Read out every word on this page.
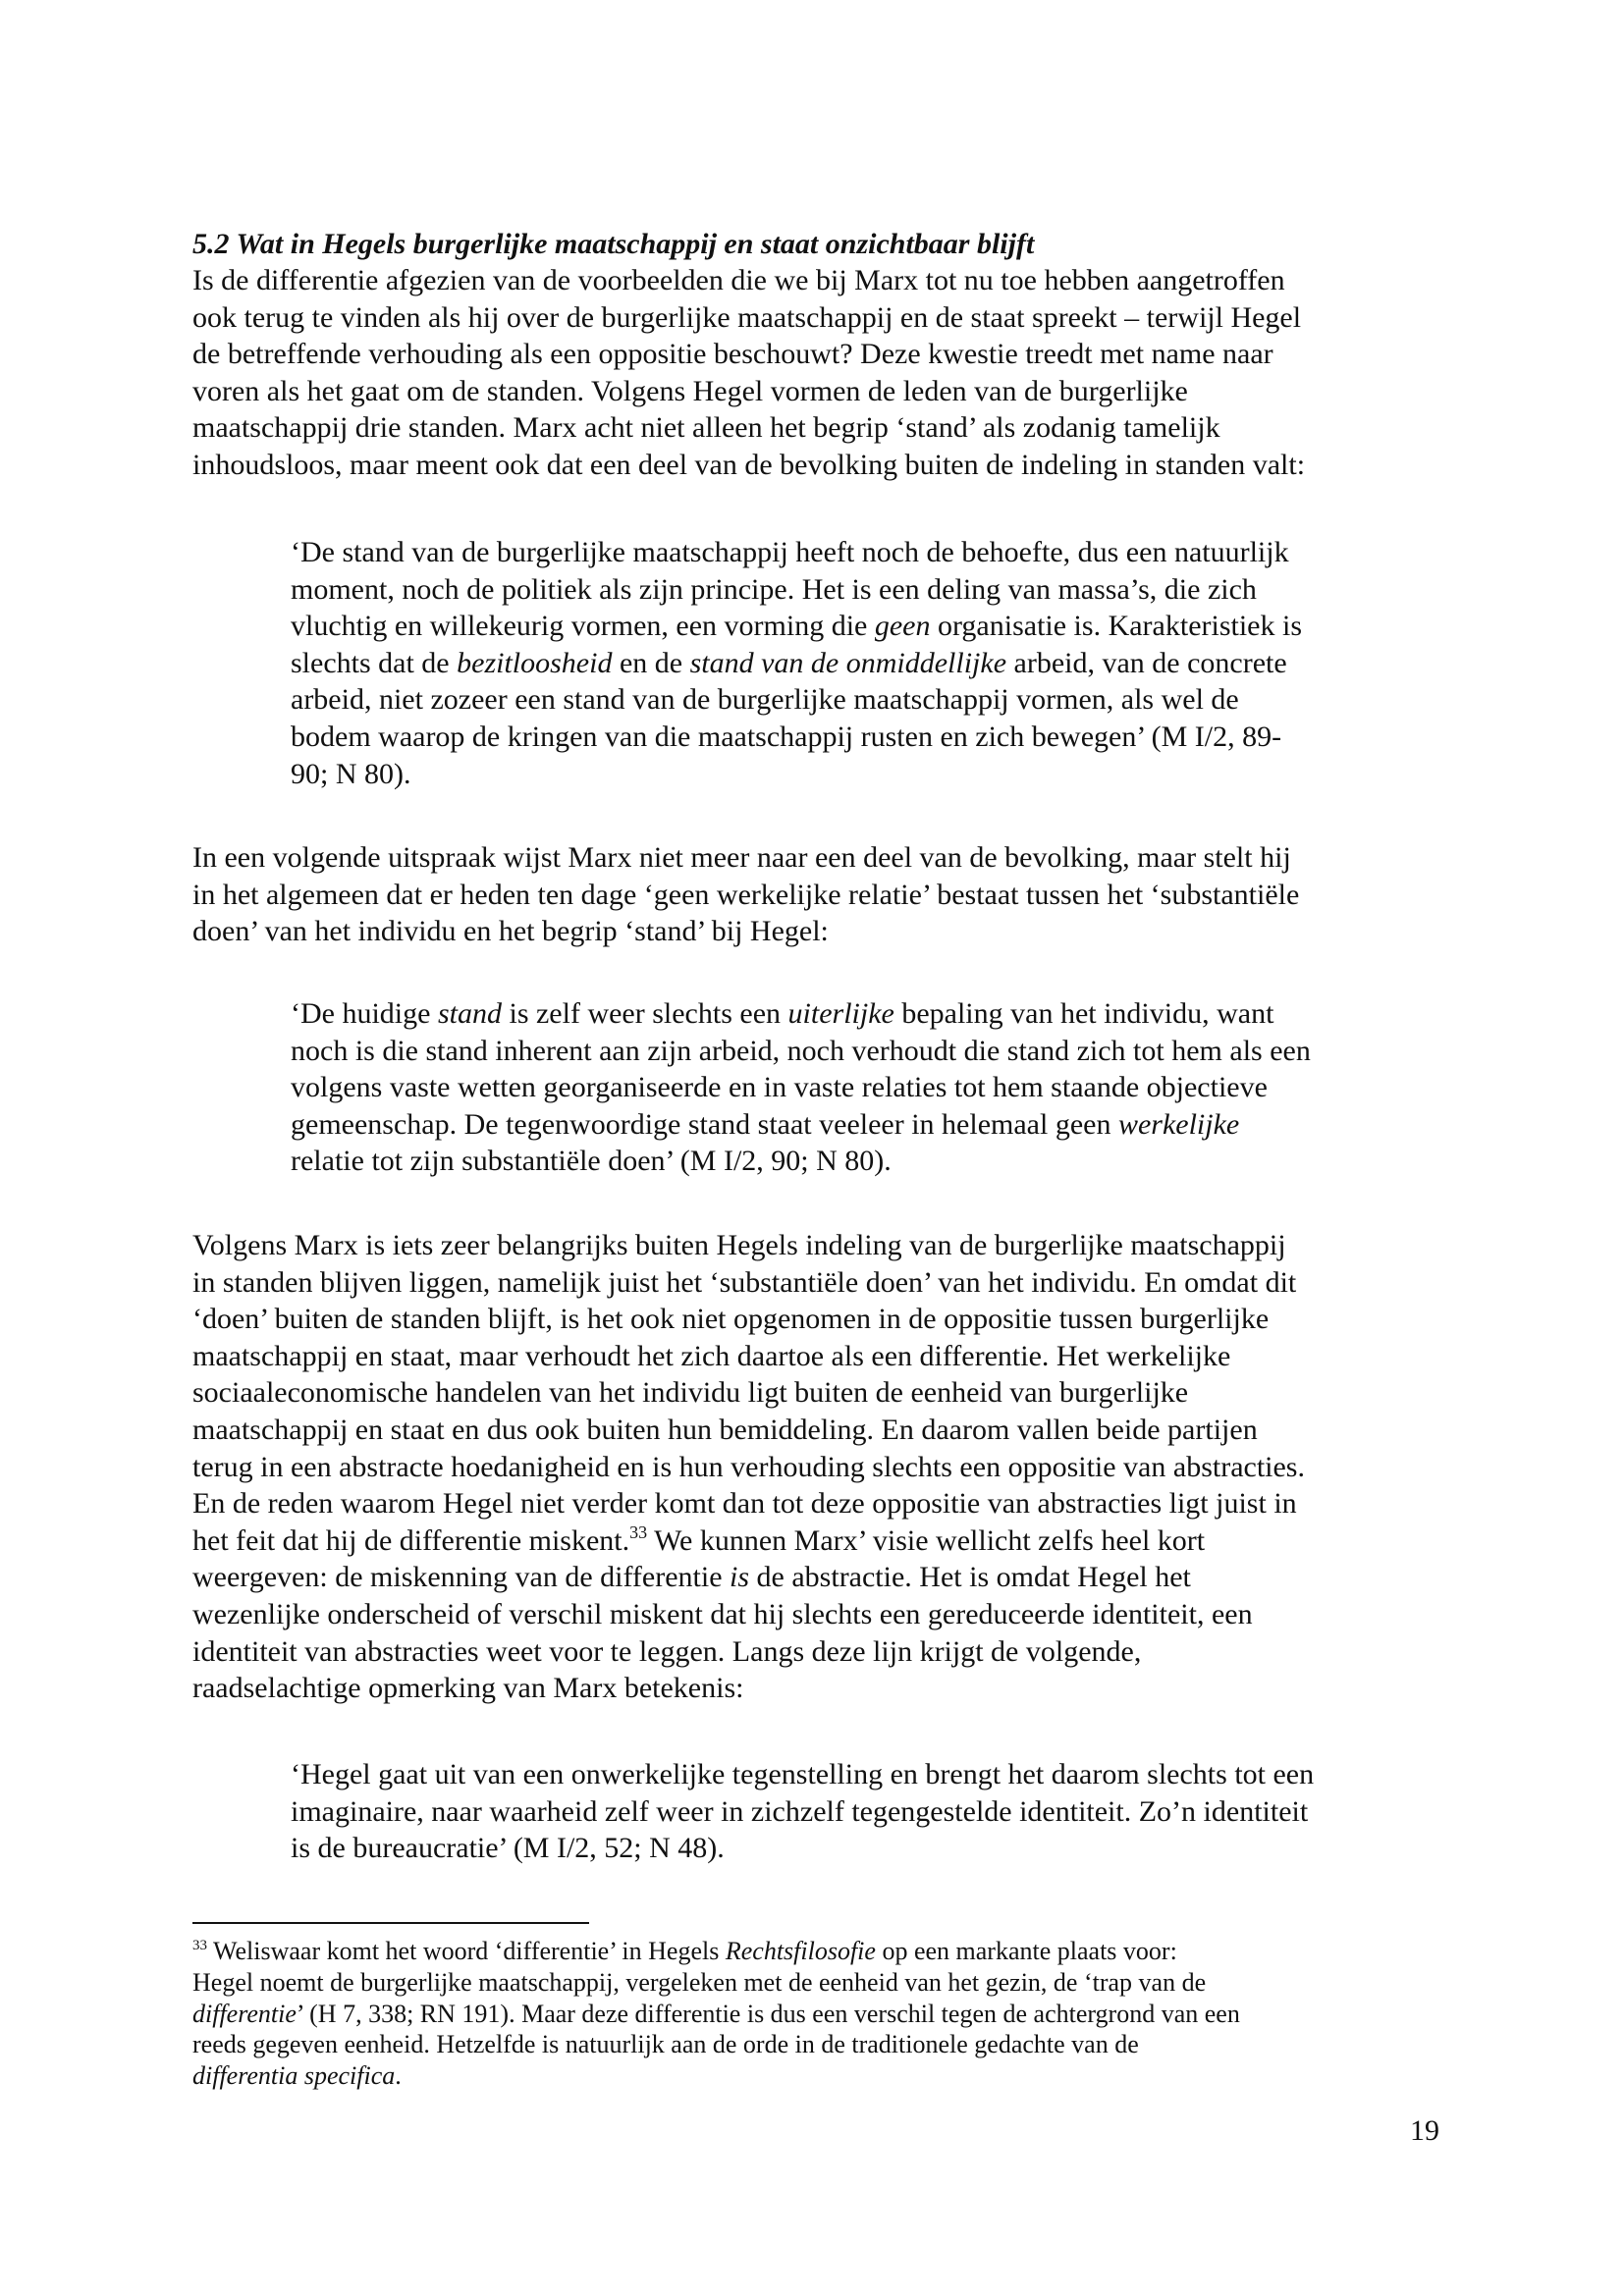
5.2 Wat in Hegels burgerlijke maatschappij en staat onzichtbaar blijft
Is de differentie afgezien van de voorbeelden die we bij Marx tot nu toe hebben aangetroffen
ook terug te vinden als hij over de burgerlijke maatschappij en de staat spreekt – terwijl Hegel
de betreffende verhouding als een oppositie beschouwt? Deze kwestie treedt met name naar
voren als het gaat om de standen. Volgens Hegel vormen de leden van de burgerlijke
maatschappij drie standen. Marx acht niet alleen het begrip ‘stand’ als zodanig tamelijk
inhoudsloos, maar meent ook dat een deel van de bevolking buiten de indeling in standen valt:
‘De stand van de burgerlijke maatschappij heeft noch de behoefte, dus een natuurlijk
moment, noch de politiek als zijn principe. Het is een deling van massa’s, die zich
vluchtig en willekeurig vormen, een vorming die geen organisatie is. Karakteristiek is
slechts dat de bezitloosheid en de stand van de onmiddellijke arbeid, van de concrete
arbeid, niet zozeer een stand van de burgerlijke maatschappij vormen, als wel de
bodem waarop de kringen van die maatschappij rusten en zich bewegen’ (M I/2, 89-
90; N 80).
In een volgende uitspraak wijst Marx niet meer naar een deel van de bevolking, maar stelt hij
in het algemeen dat er heden ten dage ‘geen werkelijke relatie’ bestaat tussen het ‘substantiële
doen’ van het individu en het begrip ‘stand’ bij Hegel:
‘De huidige stand is zelf weer slechts een uiterlijke bepaling van het individu, want
noch is die stand inherent aan zijn arbeid, noch verhoudt die stand zich tot hem als een
volgens vaste wetten georganiseerde en in vaste relaties tot hem staande objectieve
gemeenschap. De tegenwoordige stand staat veeleer in helemaal geen werkelijke
relatie tot zijn substantiële doen’ (M I/2, 90; N 80).
Volgens Marx is iets zeer belangrijks buiten Hegels indeling van de burgerlijke maatschappij
in standen blijven liggen, namelijk juist het ‘substantiële doen’ van het individu. En omdat dit
‘doen’ buiten de standen blijft, is het ook niet opgenomen in de oppositie tussen burgerlijke
maatschappij en staat, maar verhoudt het zich daartoe als een differentie. Het werkelijke
sociaaleconomische handelen van het individu ligt buiten de eenheid van burgerlijke
maatschappij en staat en dus ook buiten hun bemiddeling. En daarom vallen beide partijen
terug in een abstracte hoedanigheid en is hun verhouding slechts een oppositie van abstracties.
En de reden waarom Hegel niet verder komt dan tot deze oppositie van abstracties ligt juist in
het feit dat hij de differentie miskent.$^{33}$ We kunnen Marx’ visie wellicht zelfs heel kort
weergeven: de miskenning van de differentie is de abstractie. Het is omdat Hegel het
wezenlijke onderscheid of verschil miskent dat hij slechts een gereduceerde identiteit, een
identiteit van abstracties weet voor te leggen. Langs deze lijn krijgt de volgende,
raadselachtige opmerking van Marx betekenis:
‘Hegel gaat uit van een onwerkelijke tegenstelling en brengt het daarom slechts tot een
imaginaire, naar waarheid zelf weer in zichzelf tegengestelde identiteit. Zo’n identiteit
is de bureaucratie’ (M I/2, 52; N 48).
$^{33}$ Weliswaar komt het woord ‘differentie’ in Hegels Rechtsfilosofie op een markante plaats voor:
Hegel noemt de burgerlijke maatschappij, vergeleken met de eenheid van het gezin, de ‘trap van de
differentie’ (H 7, 338; RN 191). Maar deze differentie is dus een verschil tegen de achtergrond van een
reeds gegeven eenheid. Hetzelfde is natuurlijk aan de orde in de traditionele gedachte van de
differentia specifica.
19
